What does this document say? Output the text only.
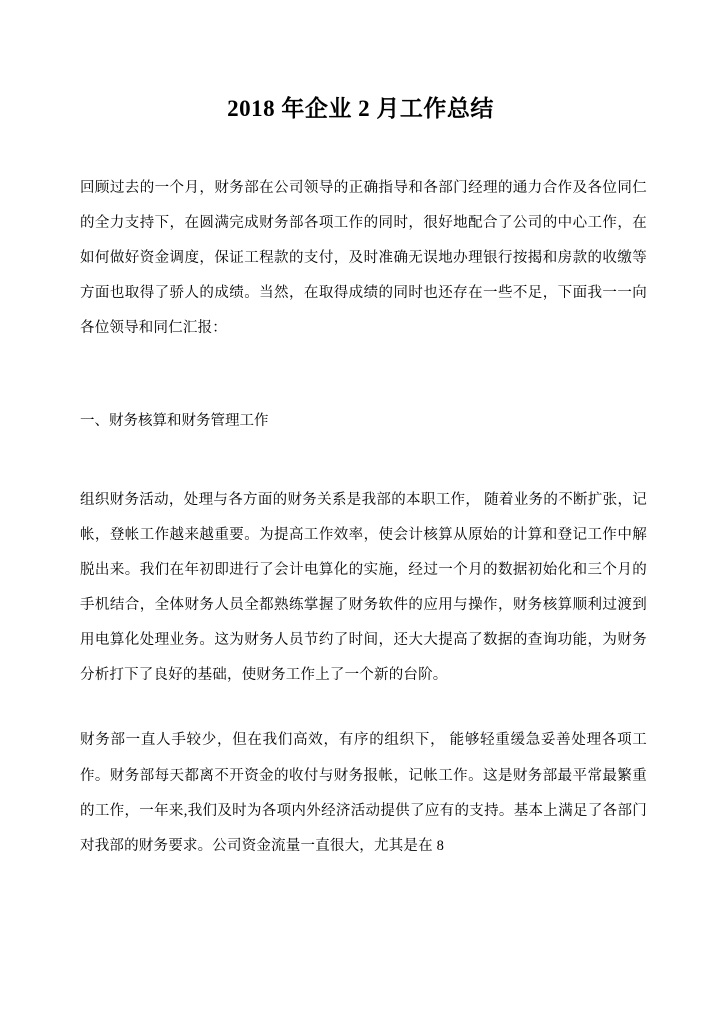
2018 年企业 2 月工作总结

回顾过去的一个月，财务部在公司领导的正确指导和各部门经理的通力合作及各位同仁的全力支持下，在圆满完成财务部各项工作的同时，很好地配合了公司的中心工作，在如何做好资金调度，保证工程款的支付，及时准确无误地办理银行按揭和房款的收缴等方面也取得了骄人的成绩。当然，在取得成绩的同时也还存在一些不足，下面我一一向各位领导和同仁汇报：

一、财务核算和财务管理工作

组织财务活动，处理与各方面的财务关系是我部的本职工作， 随着业务的不断扩张，记帐，登帐工作越来越重要。为提高工作效率，使会计核算从原始的计算和登记工作中解脱出来。我们在年初即进行了会计电算化的实施，经过一个月的数据初始化和三个月的手机结合，全体财务人员全都熟练掌握了财务软件的应用与操作，财务核算顺利过渡到用电算化处理业务。这为财务人员节约了时间，还大大提高了数据的查询功能，为财务分析打下了良好的基础，使财务工作上了一个新的台阶。

财务部一直人手较少，但在我们高效，有序的组织下， 能够轻重缓急妥善处理各项工作。财务部每天都离不开资金的收付与财务报帐，记帐工作。这是财务部最平常最繁重的工作，一年来,我们及时为各项内外经济活动提供了应有的支持。基本上满足了各部门对我部的财务要求。公司资金流量一直很大，尤其是在 8
